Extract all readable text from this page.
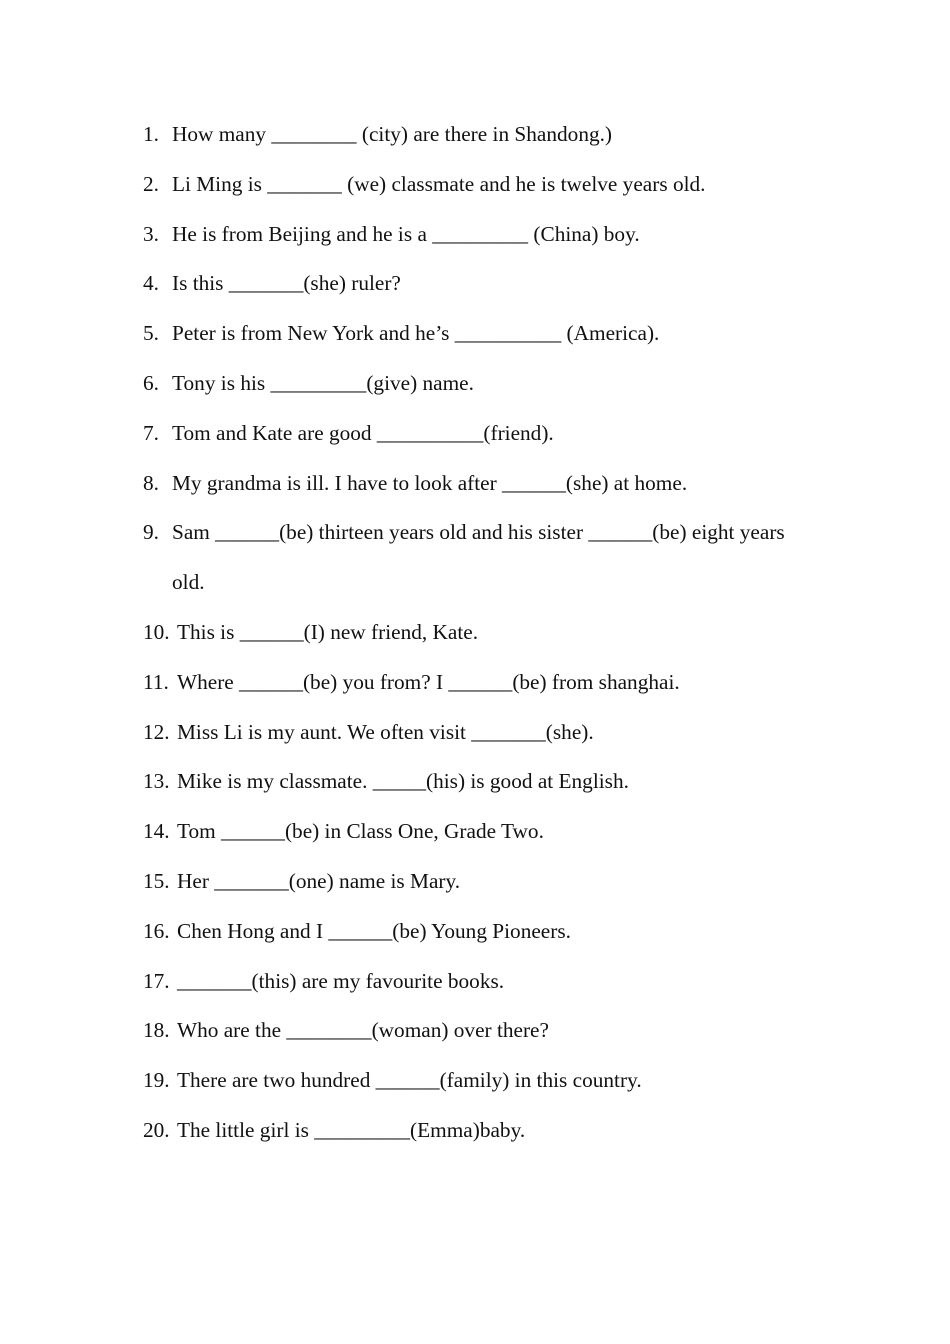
1. How many ________ (city) are there in Shandong.)
2. Li Ming is _______ (we) classmate and he is twelve years old.
3. He is from Beijing and he is a _________ (China) boy.
4. Is this _______(she) ruler?
5. Peter is from New York and he’s __________ (America).
6. Tony is his _________(give) name.
7. Tom and Kate are good __________(friend).
8. My grandma is ill. I have to look after ______(she) at home.
9. Sam ______(be) thirteen years old and his sister ______(be) eight years old.
10. This is ______(I) new friend, Kate.
11. Where ______(be) you from? I ______(be) from shanghai.
12. Miss Li is my aunt. We often visit _______(she).
13. Mike is my classmate. _____(his) is good at English.
14. Tom ______(be) in Class One, Grade Two.
15. Her _______(one) name is Mary.
16. Chen Hong and I ______(be) Young Pioneers.
17. _______(this) are my favourite books.
18. Who are the ________(woman) over there?
19. There are two hundred ______(family) in this country.
20. The little girl is _________(Emma)baby.
